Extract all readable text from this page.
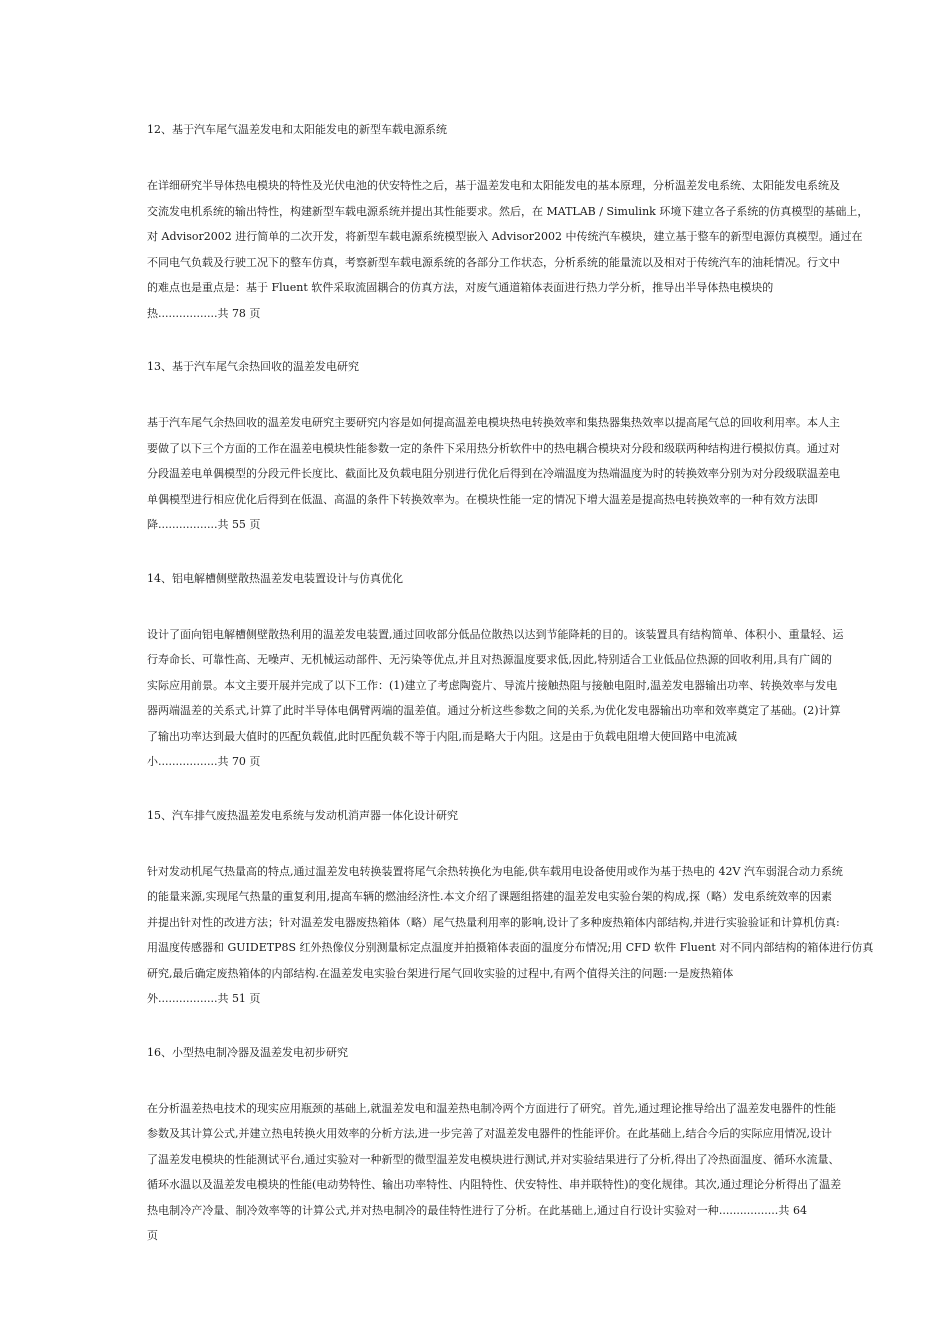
12、基于汽车尾气温差发电和太阳能发电的新型车载电源系统

在详细研究半导体热电模块的特性及光伏电池的伏安特性之后，基于温差发电和太阳能发电的基本原理，分析温差发电系统、太阳能发电系统及
交流发电机系统的输出特性，构建新型车载电源系统并提出其性能要求。然后，在 MATLAB / Simulink 环境下建立各子系统的仿真模型的基础上，
对 Advisor2002 进行简单的二次开发，将新型车载电源系统模型嵌入 Advisor2002 中传统汽车模块，建立基于整车的新型电源仿真模型。通过在
不同电气负载及行驶工况下的整车仿真，考察新型车载电源系统的各部分工作状态，分析系统的能量流以及相对于传统汽车的油耗情况。行文中
的难点也是重点是：基于 Fluent 软件采取流固耦合的仿真方法，对废气通道箱体表面进行热力学分析，推导出半导体热电模块的
热.................共 78 页

13、基于汽车尾气余热回收的温差发电研究

基于汽车尾气余热回收的温差发电研究主要研究内容是如何提高温差电模块热电转换效率和集热器集热效率以提高尾气总的回收利用率。本人主
要做了以下三个方面的工作在温差电模块性能参数一定的条件下采用热分析软件中的热电耦合模块对分段和级联两种结构进行模拟仿真。通过对
分段温差电单偶模型的分段元件长度比、截面比及负载电阻分别进行优化后得到在冷端温度为热端温度为时的转换效率分别为对分段级联温差电
单偶模型进行相应优化后得到在低温、高温的条件下转换效率为。在模块性能一定的情况下增大温差是提高热电转换效率的一种有效方法即
降.................共 55 页

14、铝电解槽侧壁散热温差发电装置设计与仿真优化

设计了面向铝电解槽侧壁散热利用的温差发电装置,通过回收部分低品位散热以达到节能降耗的目的。该装置具有结构简单、体积小、重量轻、运
行寿命长、可靠性高、无噪声、无机械运动部件、无污染等优点,并且对热源温度要求低,因此,特别适合工业低品位热源的回收利用,具有广阔的
实际应用前景。本文主要开展并完成了以下工作：(1)建立了考虑陶瓷片、导流片接触热阻与接触电阻时,温差发电器输出功率、转换效率与发电
器两端温差的关系式,计算了此时半导体电偶臂两端的温差值。通过分析这些参数之间的关系,为优化发电器输出功率和效率奠定了基础。(2)计算
了输出功率达到最大值时的匹配负载值,此时匹配负载不等于内阻,而是略大于内阻。这是由于负载电阻增大使回路中电流减
小.................共 70 页

15、汽车排气废热温差发电系统与发动机消声器一体化设计研究

针对发动机尾气热量高的特点,通过温差发电转换装置将尾气余热转换化为电能,供车载用电设备使用或作为基于热电的 42V 汽车弱混合动力系统
的能量来源,实现尾气热量的重复利用,提高车辆的燃油经济性.本文介绍了课题组搭建的温差发电实验台架的构成,探（略）发电系统效率的因素
并提出针对性的改进方法；针对温差发电器废热箱体（略）尾气热量利用率的影响,设计了多种废热箱体内部结构,并进行实验验证和计算机仿真:
用温度传感器和 GUIDETP8S 红外热像仪分别测量标定点温度并拍摄箱体表面的温度分布情况;用 CFD 软件 Fluent 对不同内部结构的箱体进行仿真
研究,最后确定废热箱体的内部结构.在温差发电实验台架进行尾气回收实验的过程中,有两个值得关注的问题:一是废热箱体
外.................共 51 页

16、小型热电制冷器及温差发电初步研究

在分析温差热电技术的现实应用瓶颈的基础上,就温差发电和温差热电制冷两个方面进行了研究。首先,通过理论推导给出了温差发电器件的性能
参数及其计算公式,并建立热电转换火用效率的分析方法,进一步完善了对温差发电器件的性能评价。在此基础上,结合今后的实际应用情况,设计
了温差发电模块的性能测试平台,通过实验对一种新型的微型温差发电模块进行测试,并对实验结果进行了分析,得出了冷热面温度、循环水流量、
循环水温以及温差发电模块的性能(电动势特性、输出功率特性、内阻特性、伏安特性、串并联特性)的变化规律。其次,通过理论分析得出了温差
热电制冷产冷量、制冷效率等的计算公式,并对热电制冷的最佳特性进行了分析。在此基础上,通过自行设计实验对一种.................共 64
页
